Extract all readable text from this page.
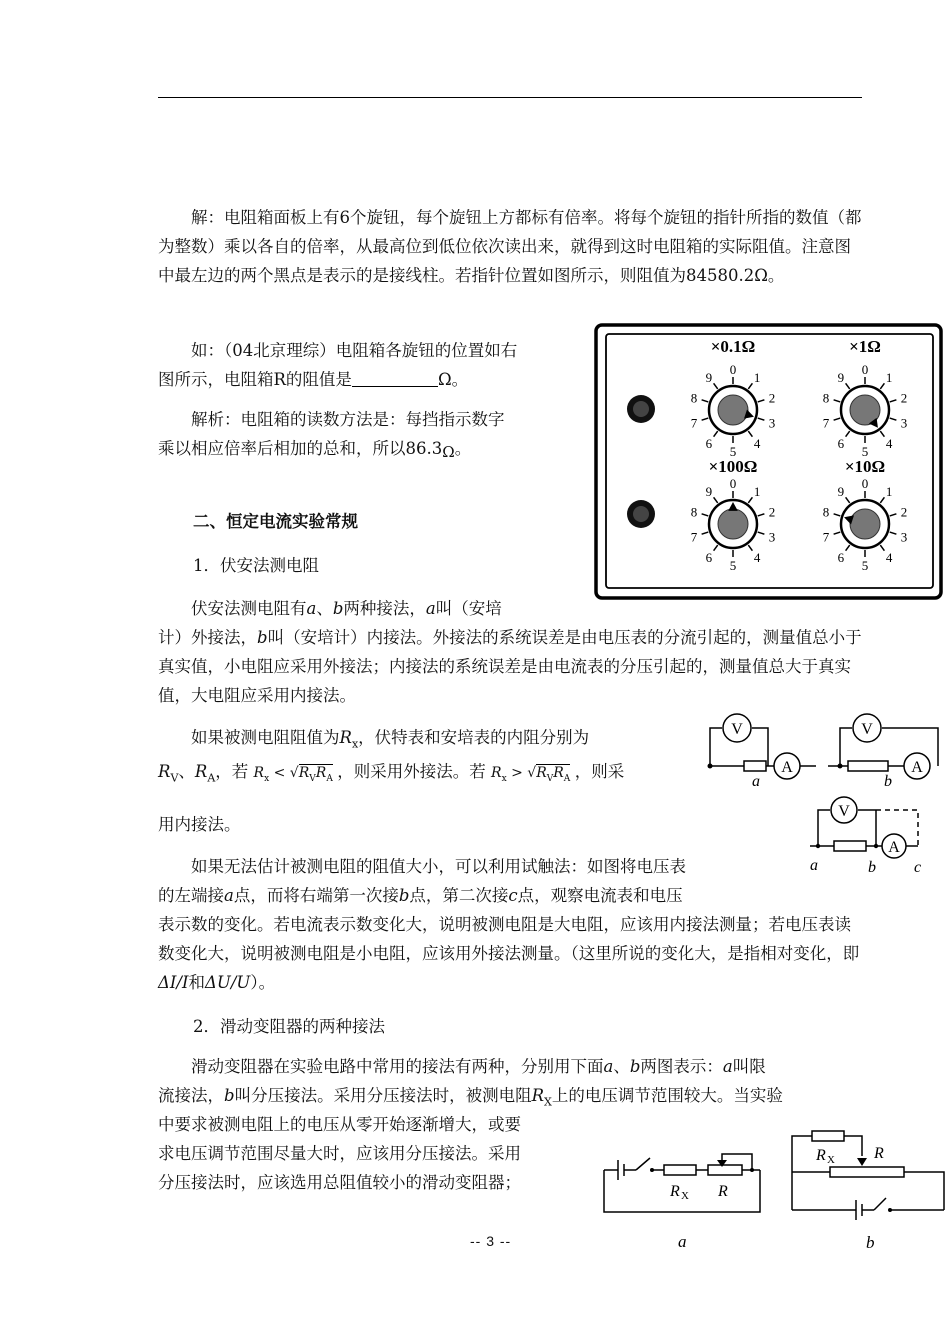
解：电阻箱面板上有6个旋钮，每个旋钮上方都标有倍率。将每个旋钮的指针所指的数值（都为整数）乘以各自的倍率，从最高位到低位依次读出来，就得到这时电阻箱的实际阻值。注意图中最左边的两个黑点是表示的是接线柱。若指针位置如图所示，则阻值为84580.2Ω。

如：（04北京理综）电阻箱各旋钮的位置如右
图所示，电阻箱R的阻值是	Ω。
解析：电阻箱的读数方法是：每挡指示数字
乘以相应倍率后相加的总和，所以86.3Ω。
×0.1Ω
0
1
2
3
4
5
6
7
8
9
×1Ω
0
1
2
3
4
5
6
7
8
9
×100Ω
0
1
2
3
4
5
6
7
8
9
×10Ω
0
1
2
3
4
5
6
7
8
9
二、恒定电流实验常规
1．伏安法测电阻
伏安法测电阻有a、b两种接法，a叫（安培
计）外接法，b叫（安培计）内接法。外接法的系统误差是由电压表的分流引起的，测量值总小于真实值，小电阻应采用外接法；内接法的系统误差是由电流表的分压引起的，测量值总大于真实值，大电阻应采用内接法。
如果被测电阻阻值为$R_x$，伏特表和安培表的内阻分别为
$R_V$、$R_A$，若 $R_x < √R_VR_A$ ，则采用外接法。若 $R_x > √R_VR_A$ ，则采
用内接法。
V
A
a
V
A
b
V
A
a	b c
如果无法估计被测电阻的阻值大小，可以利用试触法：如图将电压表
的左端接a点，而将右端第一次接b点，第二次接c点，观察电流表和电压
表示数的变化。若电流表示数变化大，说明被测电阻是大电阻，应该用内接法测量；若电压表读数变化大，说明被测电阻是小电阻，应该用外接法测量。（这里所说的变化大，是指相对变化，即ΔI/I和ΔU/U）。
2．滑动变阻器的两种接法
滑动变阻器在实验电路中常用的接法有两种，分别用下面a、b两图表示：a叫限
流接法，b叫分压接法。采用分压接法时，被测电阻$R_X$上的电压调节范围较大。当实验
中要求被测电阻上的电压从零开始逐渐增大，或要
求电压调节范围尽量大时，应该用分压接法。采用
分压接法时，应该选用总阻值较小的滑动变阻器；	R X R
a
R X R
b
-- 3 --
